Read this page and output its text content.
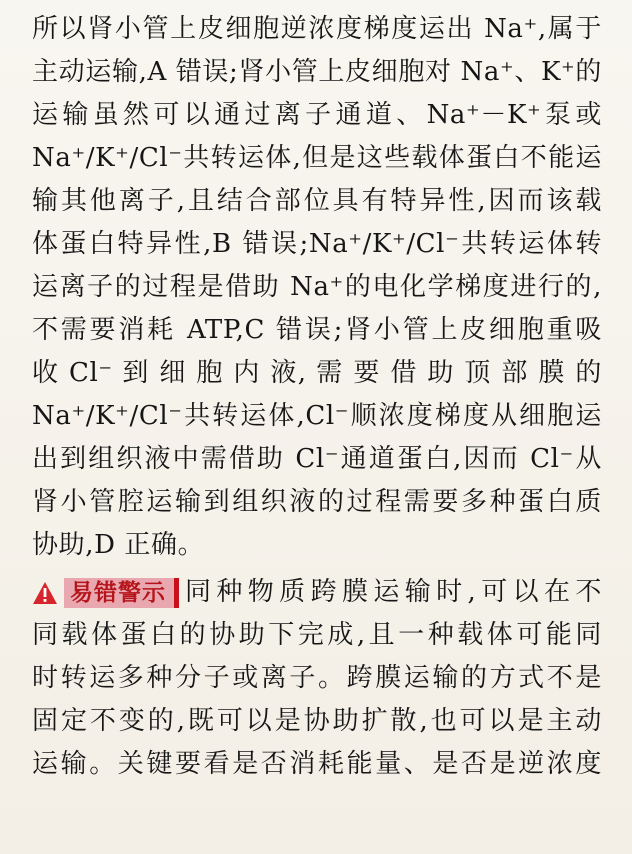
所以肾小管上皮细胞逆浓度梯度运出 Na⁺,属于
主动运输,A 错误;肾小管上皮细胞对 Na⁺、K⁺的
运输虽然可以通过离子通道、Na⁺－K⁺泵或
Na⁺/K⁺/Cl⁻共转运体,但是这些载体蛋白不能运
输其他离子,且结合部位具有特异性,因而该载
体蛋白特异性,B 错误;Na⁺/K⁺/Cl⁻共转运体转
运离子的过程是借助 Na⁺的电化学梯度进行的,
不需要消耗 ATP,C 错误;肾小管上皮细胞重吸
收 Cl⁻ 到 细 胞 内 液, 需 要 借 助 顶 部 膜 的
Na⁺/K⁺/Cl⁻共转运体,Cl⁻顺浓度梯度从细胞运
出到组织液中需借助 Cl⁻通道蛋白,因而 Cl⁻从
肾小管腔运输到组织液的过程需要多种蛋白质
协助,D 正确。
易错警示 同种物质跨膜运输时,可以在不
同载体蛋白的协助下完成,且一种载体可能同
时转运多种分子或离子。跨膜运输的方式不是
固定不变的,既可以是协助扩散,也可以是主动
运输。关键要看是否消耗能量、是否是逆浓度
